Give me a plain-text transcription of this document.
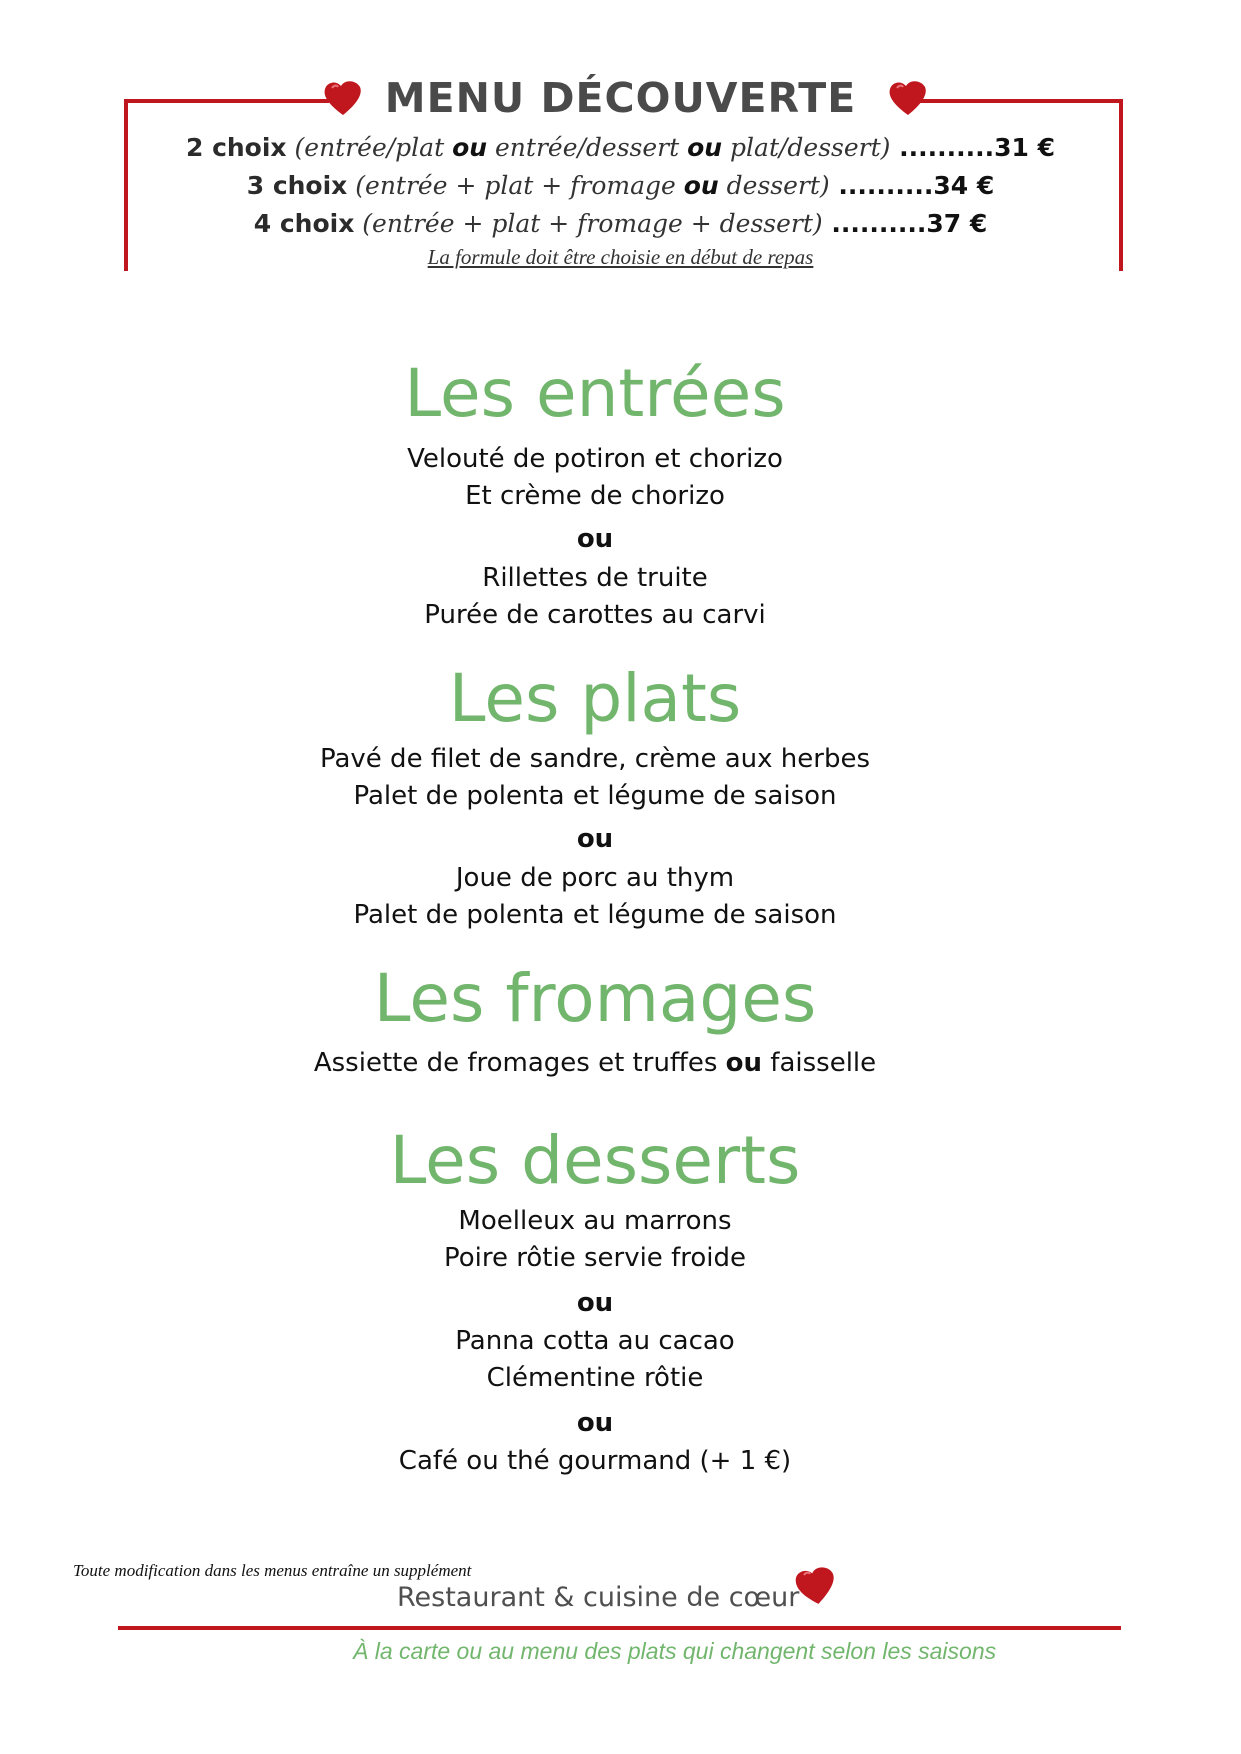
MENU DÉCOUVERTE
2 choix (entrée/plat ou entrée/dessert ou plat/dessert) ..........31 €
3 choix (entrée + plat + fromage ou dessert) ..........34 €
4 choix (entrée + plat + fromage + dessert) ..........37 €
La formule doit être choisie en début de repas
Les entrées
Velouté de potiron et chorizo
Et crème de chorizo
ou
Rillettes de truite
Purée de carottes au carvi
Les plats
Pavé de filet de sandre, crème aux herbes
Palet de polenta et légume de saison
ou
Joue de porc au thym
Palet de polenta et légume de saison
Les fromages
Assiette de fromages et truffes ou faisselle
Les desserts
Moelleux au marrons
Poire rôtie servie froide
ou
Panna cotta au cacao
Clémentine rôtie
ou
Café ou thé gourmand (+ 1 €)
Toute modification dans les menus entraîne un supplément
Restaurant & cuisine de cœur
À la carte ou au menu des plats qui changent selon les saisons
